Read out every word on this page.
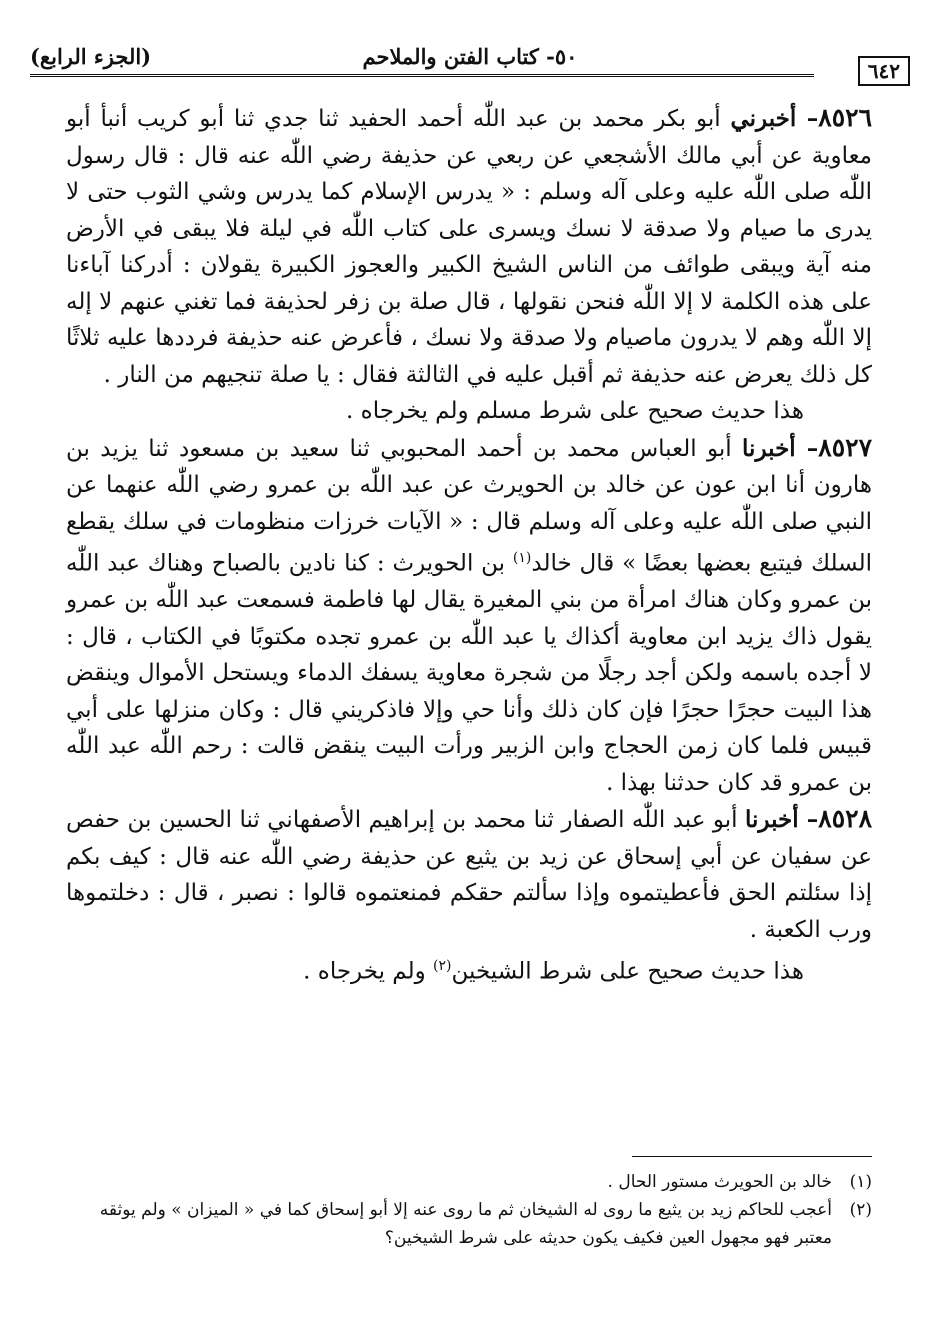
٥٠- كتاب الفتن والملاحم
(الجزء الرابع)
٦٤٢

٨٥٢٦– أخبرني أبو بكر محمد بن عبد اللّٰه أحمد الحفيد ثنا جدي ثنا أبو كريب أنبأ أبو معاوية عن أبي مالك الأشجعي عن ربعي عن حذيفة رضي اللّٰه عنه قال : قال رسول اللّٰه صلى اللّٰه عليه وعلى آله وسلم : « يدرس الإسلام كما يدرس وشي الثوب حتى لا يدرى ما صيام ولا صدقة لا نسك ويسرى على كتاب اللّٰه في ليلة فلا يبقى في الأرض منه آية ويبقى طوائف من الناس الشيخ الكبير والعجوز الكبيرة يقولان : أدركنا آباءنا على هذه الكلمة لا إلا اللّٰه فنحن نقولها ، قال صلة بن زفر لحذيفة فما تغني عنهم لا إله إلا اللّٰه وهم لا يدرون ماصيام ولا صدقة ولا نسك ، فأعرض عنه حذيفة فرددها عليه ثلاثًا كل ذلك يعرض عنه حذيفة ثم أقبل عليه في الثالثة فقال : يا صلة تنجيهم من النار .

هذا حديث صحيح على شرط مسلم ولم يخرجاه .

٨٥٢٧– أخبرنا أبو العباس محمد بن أحمد المحبوبي ثنا سعيد بن مسعود ثنا يزيد بن هارون أنا ابن عون عن خالد بن الحويرث عن عبد اللّٰه بن عمرو رضي اللّٰه عنهما عن النبي صلى اللّٰه عليه وعلى آله وسلم قال : « الآيات خرزات منظومات في سلك يقطع السلك فيتبع بعضها بعضًا » قال خالد$^{(١)}$ بن الحويرث : كنا نادين بالصباح وهناك عبد اللّٰه بن عمرو وكان هناك امرأة من بني المغيرة يقال لها فاطمة فسمعت عبد اللّٰه بن عمرو يقول ذاك يزيد ابن معاوية أكذاك يا عبد اللّٰه بن عمرو تجده مكتوبًا في الكتاب ، قال : لا أجده باسمه ولكن أجد رجلًا من شجرة معاوية يسفك الدماء ويستحل الأموال وينقض هذا البيت حجرًا حجرًا فإن كان ذلك وأنا حي وإلا فاذكريني قال : وكان منزلها على أبي قبيس فلما كان زمن الحجاج وابن الزبير ورأت البيت ينقض قالت : رحم اللّٰه عبد اللّٰه بن عمرو قد كان حدثنا بهذا .

٨٥٢٨– أخبرنا أبو عبد اللّٰه الصفار ثنا محمد بن إبراهيم الأصفهاني ثنا الحسين بن حفص عن سفيان عن أبي إسحاق عن زيد بن يثيع عن حذيفة رضي اللّٰه عنه قال : كيف بكم إذا سئلتم الحق فأعطيتموه وإذا سألتم حقكم فمنعتموه قالوا : نصبر ، قال : دخلتموها ورب الكعبة .

هذا حديث صحيح على شرط الشيخين$^{(٢)}$ ولم يخرجاه .

(١)
خالد بن الحويرث مستور الحال .

(٢)
أعجب للحاكم زيد بن يثيع ما روى له الشيخان ثم ما روى عنه إلا أبو إسحاق كما في « الميزان » ولم يوثقه معتبر فهو مجهول العين فكيف يكون حديثه على شرط الشيخين؟
